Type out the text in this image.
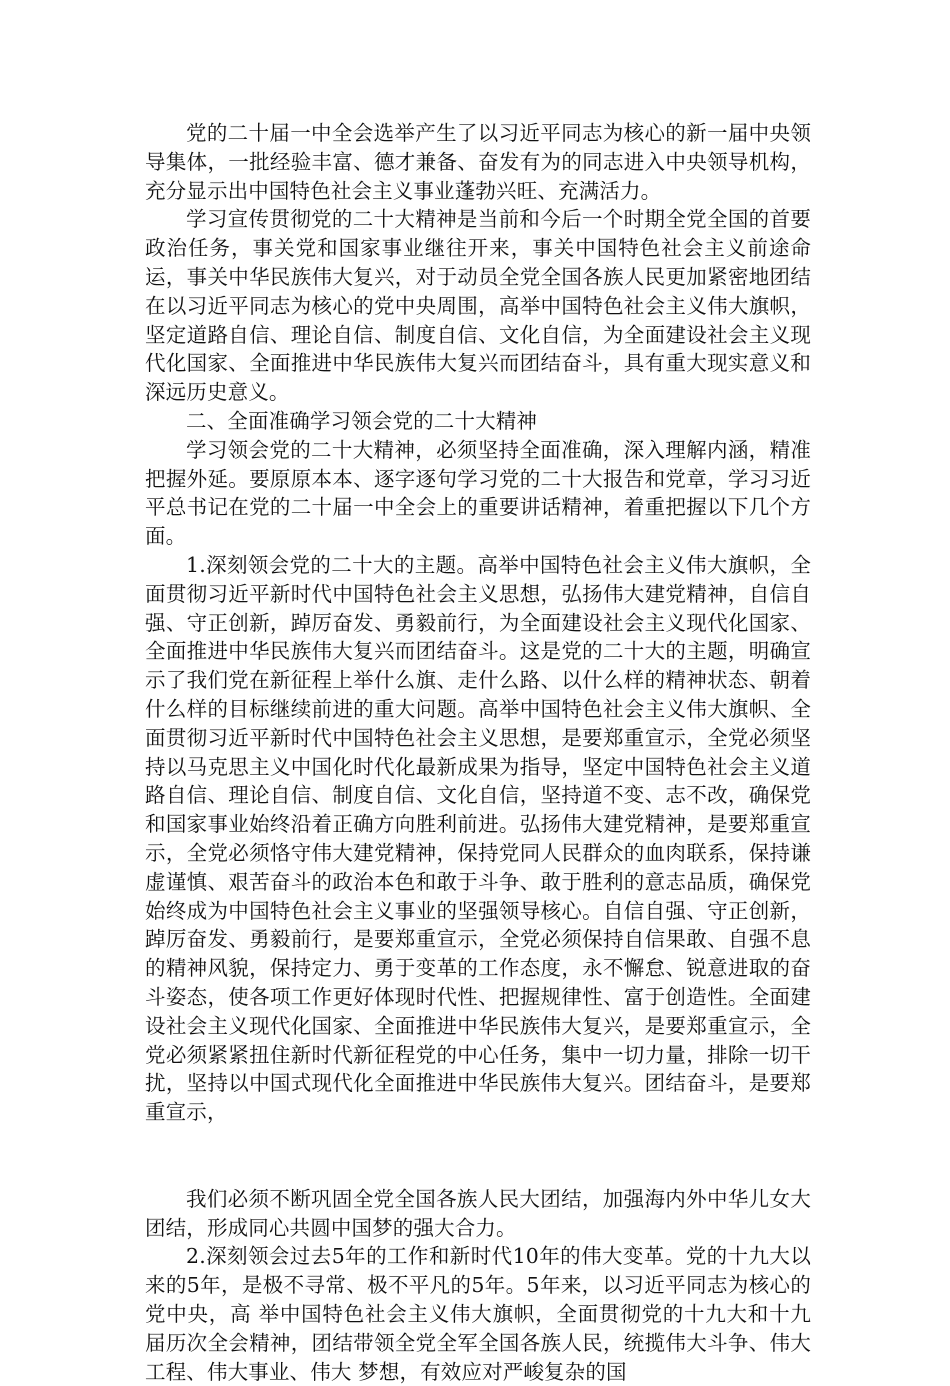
党的二十届一中全会选举产生了以习近平同志为核心的新一届中央领导集体，一批经验丰富、德才兼备、奋发有为的同志进入中央领导机构，充分显示出中国特色社会主义事业蓬勃兴旺、充满活力。

学习宣传贯彻党的二十大精神是当前和今后一个时期全党全国的首要政治任务，事关党和国家事业继往开来，事关中国特色社会主义前途命运，事关中华民族伟大复兴，对于动员全党全国各族人民更加紧密地团结在以习近平同志为核心的党中央周围，高举中国特色社会主义伟大旗帜，坚定道路自信、理论自信、制度自信、文化自信，为全面建设社会主义现代化国家、全面推进中华民族伟大复兴而团结奋斗，具有重大现实意义和深远历史意义。

二、全面准确学习领会党的二十大精神

学习领会党的二十大精神，必须坚持全面准确，深入理解内涵，精准把握外延。要原原本本、逐字逐句学习党的二十大报告和党章，学习习近平总书记在党的二十届一中全会上的重要讲话精神，着重把握以下几个方面。

1.深刻领会党的二十大的主题。高举中国特色社会主义伟大旗帜，全面贯彻习近平新时代中国特色社会主义思想，弘扬伟大建党精神，自信自强、守正创新，踔厉奋发、勇毅前行，为全面建设社会主义现代化国家、全面推进中华民族伟大复兴而团结奋斗。这是党的二十大的主题，明确宣示了我们党在新征程上举什么旗、走什么路、以什么样的精神状态、朝着什么样的目标继续前进的重大问题。高举中国特色社会主义伟大旗帜、全面贯彻习近平新时代中国特色社会主义思想，是要郑重宣示，全党必须坚持以马克思主义中国化时代化最新成果为指导，坚定中国特色社会主义道路自信、理论自信、制度自信、文化自信，坚持道不变、志不改，确保党和国家事业始终沿着正确方向胜利前进。弘扬伟大建党精神，是要郑重宣示，全党必须恪守伟大建党精神，保持党同人民群众的血肉联系，保持谦虚谨慎、艰苦奋斗的政治本色和敢于斗争、敢于胜利的意志品质，确保党始终成为中国特色社会主义事业的坚强领导核心。自信自强、守正创新，踔厉奋发、勇毅前行，是要郑重宣示，全党必须保持自信果敢、自强不息的精神风貌，保持定力、勇于变革的工作态度，永不懈怠、锐意进取的奋斗姿态，使各项工作更好体现时代性、把握规律性、富于创造性。全面建设社会主义现代化国家、全面推进中华民族伟大复兴，是要郑重宣示，全党必须紧紧扭住新时代新征程党的中心任务，集中一切力量，排除一切干扰，坚持以中国式现代化全面推进中华民族伟大复兴。团结奋斗，是要郑重宣示，

我们必须不断巩固全党全国各族人民大团结，加强海内外中华儿女大团结，形成同心共圆中国梦的强大合力。

2.深刻领会过去5年的工作和新时代10年的伟大变革。党的十九大以来的5年，是极不寻常、极不平凡的5年。5年来，以习近平同志为核心的党中央，高 举中国特色社会主义伟大旗帜，全面贯彻党的十九大和十九届历次全会精神，团结带领全党全军全国各族人民，统揽伟大斗争、伟大工程、伟大事业、伟大 梦想，有效应对严峻复杂的国
